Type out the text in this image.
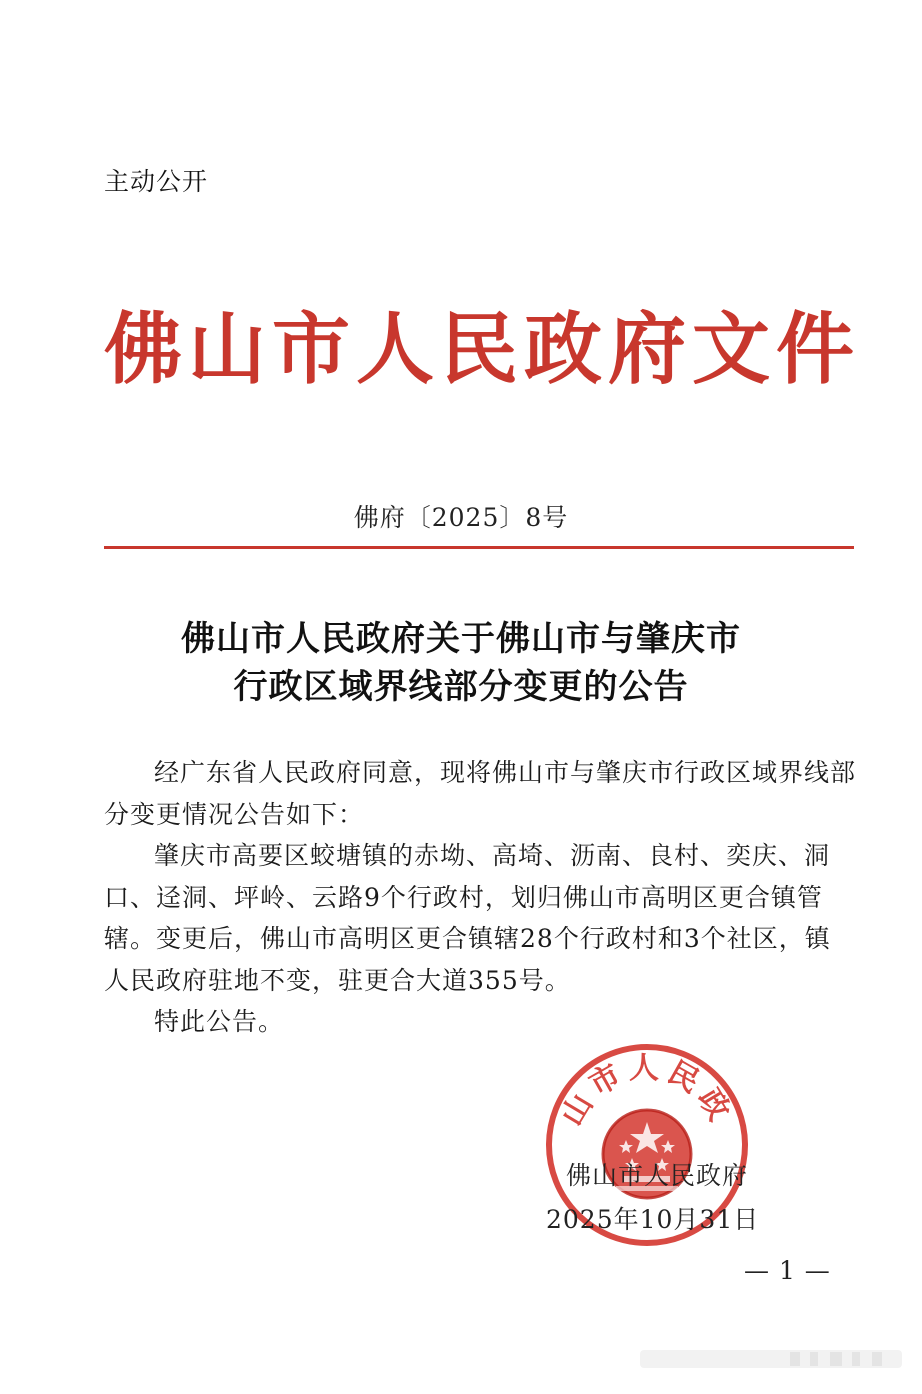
主动公开
佛山市人民政府文件
佛府〔2025〕8号
佛山市人民政府关于佛山市与肇庆市
行政区域界线部分变更的公告

经广东省人民政府同意，现将佛山市与肇庆市行政区域界线部分变更情况公告如下：

肇庆市高要区蛟塘镇的赤坳、高埼、沥南、良村、奕庆、洞口、迳洞、坪岭、云路9个行政村，划归佛山市高明区更合镇管辖。变更后，佛山市高明区更合镇辖28个行政村和3个社区，镇人民政府驻地不变，驻更合大道355号。

特此公告。

山市人民政
佛山市人民政府
2025年10月31日
— 1 —
